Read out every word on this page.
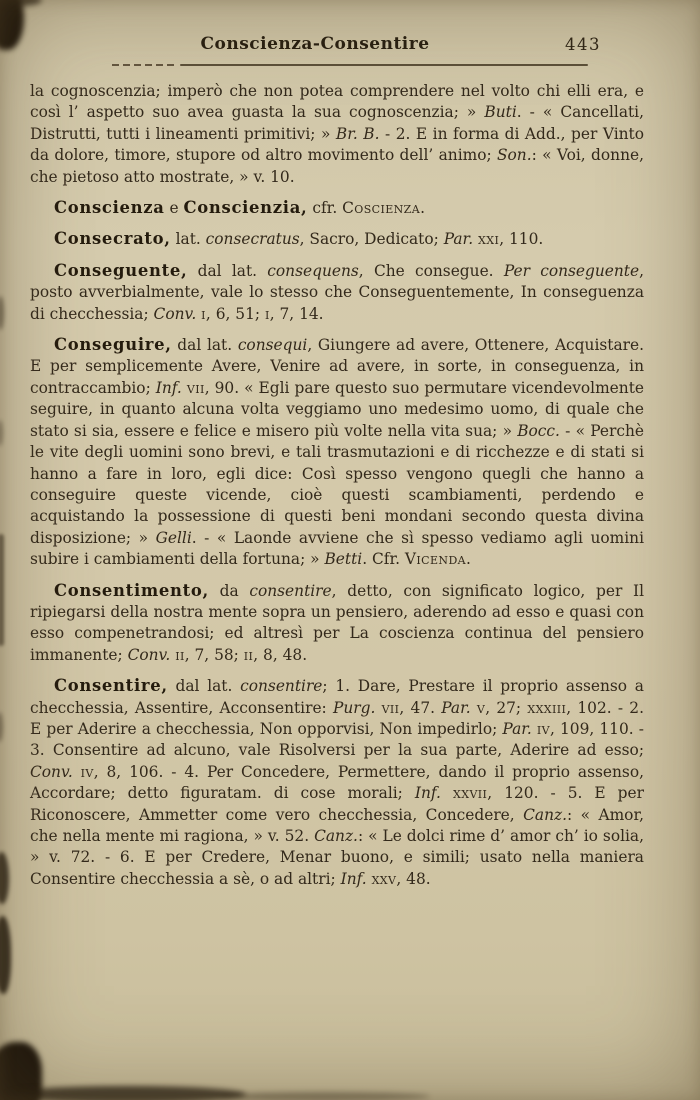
Conscienza-Consentire	443

la cognoscenzia; imperò che non potea comprendere nel volto chi elli era, e così l’ aspetto suo avea guasta la sua cognoscenzia; » Buti. - « Cancellati, Distrutti, tutti i lineamenti primitivi; » Br. B. - 2. E in forma di Add., per Vinto da dolore, timore, stupore od altro movimento dell’ animo; Son.: « Voi, donne, che pietoso atto mostrate, » v. 10.

Conscienza e Conscienzia, cfr. Coscienza.

Consecrato, lat. consecratus, Sacro, Dedicato; Par. xxi, 110.

Conseguente, dal lat. consequens, Che consegue. Per conseguente, posto avverbialmente, vale lo stesso che Conseguentemente, In conseguenza di checchessia; Conv. i, 6, 51; i, 7, 14.

Conseguire, dal lat. consequi, Giungere ad avere, Ottenere, Acquistare. E per semplicemente Avere, Venire ad avere, in sorte, in conseguenza, in contraccambio; Inf. vii, 90. « Egli pare questo suo permutare vicendevolmente seguire, in quanto alcuna volta veggiamo uno medesimo uomo, di quale che stato si sia, essere e felice e misero più volte nella vita sua; » Bocc. - « Perchè le vite degli uomini sono brevi, e tali trasmutazioni e di ricchezze e di stati si hanno a fare in loro, egli dice: Così spesso vengono quegli che hanno a conseguire queste vicende, cioè questi scambiamenti, perdendo e acquistando la possessione di questi beni mondani secondo questa divina disposizione; » Gelli. - « Laonde avviene che sì spesso vediamo agli uomini subire i cambiamenti della fortuna; » Betti. Cfr. Vicenda.

Consentimento, da consentire, detto, con significato logico, per Il ripiegarsi della nostra mente sopra un pensiero, aderendo ad esso e quasi con esso compenetrandosi; ed altresì per La coscienza continua del pensiero immanente; Conv. ii, 7, 58; ii, 8, 48.

Consentire, dal lat. consentire; 1. Dare, Prestare il proprio assenso a checchessia, Assentire, Acconsentire: Purg. vii, 47. Par. v, 27; xxxiii, 102. - 2. E per Aderire a checchessia, Non opporvisi, Non impedirlo; Par. iv, 109, 110. - 3. Consentire ad alcuno, vale Risolversi per la sua parte, Aderire ad esso; Conv. iv, 8, 106. - 4. Per Concedere, Permettere, dando il proprio assenso, Accordare; detto figuratam. di cose morali; Inf. xxvii, 120. - 5. E per Riconoscere, Ammetter come vero checchessia, Concedere, Canz.: « Amor, che nella mente mi ragiona, » v. 52. Canz.: « Le dolci rime d’ amor ch’ io solia, » v. 72. - 6. E per Credere, Menar buono, e simili; usato nella maniera Consentire checchessia a sè, o ad altri; Inf. xxv, 48.
